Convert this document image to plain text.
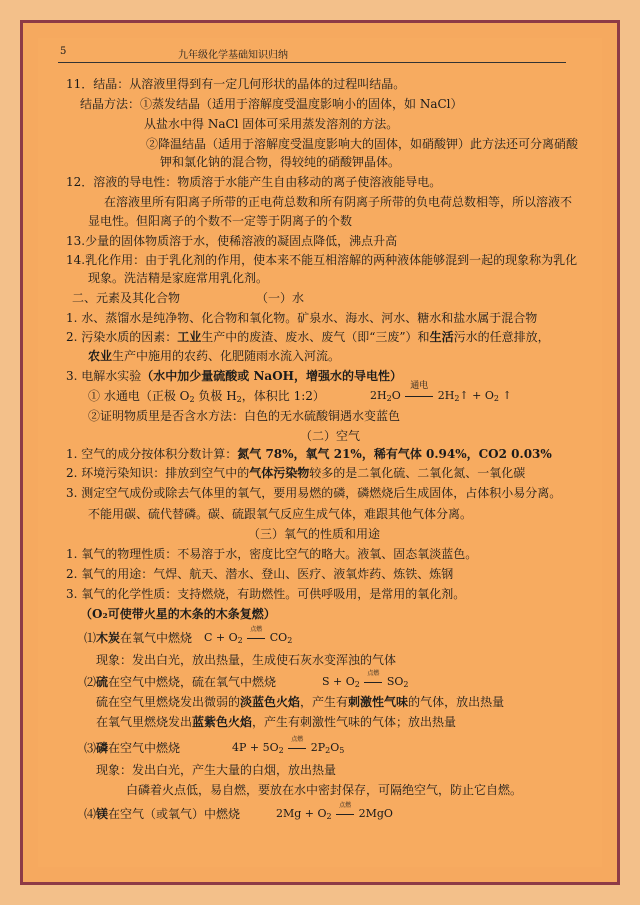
5	九年级化学基础知识归纳
11．结晶：从溶液里得到有一定几何形状的晶体的过程叫结晶。
结晶方法：①蒸发结晶（适用于溶解度受温度影响小的固体，如 NaCl）
从盐水中得 NaCl 固体可采用蒸发溶剂的方法。
②降温结晶（适用于溶解度受温度影响大的固体，如硝酸钾）此方法还可分离硝酸
钾和氯化钠的混合物，得较纯的硝酸钾晶体。
12．溶液的导电性：物质溶于水能产生自由移动的离子使溶液能导电。
在溶液里所有阳离子所带的正电荷总数和所有阴离子所带的负电荷总数相等，所以溶液不
显电性。但阳离子的个数不一定等于阴离子的个数
13.少量的固体物质溶于水，使稀溶液的凝固点降低，沸点升高
14.乳化作用：由于乳化剂的作用，使本来不能互相溶解的两种液体能够混到一起的现象称为乳化
现象。洗洁精是家庭常用乳化剂。
二、元素及其化合物	（一）水
1. 水、蒸馏水是纯净物、化合物和氧化物。矿泉水、海水、河水、糖水和盐水属于混合物
2. 污染水质的因素：工业生产中的废渣、废水、废气（即“三废”）和生活污水的任意排放，
农业生产中施用的农药、化肥随雨水流入河流。
3. 电解水实验（水中加少量硫酸或 NaOH，增强水的导电性）
① 水通电（正极 $O_2$ 负极 $H_2$，体积比 1:2）	$2H_2O$
通电
$2H_2↑ + O_2$ ↑
②证明物质里是否含水方法：白色的无水硫酸铜遇水变蓝色
（二）空气
1. 空气的成分按体积分数计算：氮气 78%，氧气 21%，稀有气体 0.94%，CO2 0.03%
2. 环境污染知识：排放到空气中的气体污染物较多的是二氧化硫、二氧化氮、一氧化碳
3. 测定空气成份或除去气体里的氧气，要用易燃的磷，磷燃烧后生成固体，占体积小易分离。
不能用碳、硫代替磷。碳、硫跟氧气反应生成气体，难跟其他气体分离。
（三）氧气的性质和用途
1. 氧气的物理性质：不易溶于水，密度比空气的略大。液氧、固态氧淡蓝色。
2. 氧气的用途：气焊、航天、潜水、登山、医疗、液氧炸药、炼铁、炼钢
3. 氧气的化学性质：支持燃烧，有助燃性。可供呼吸用，是常用的氧化剂。
（O₂可使带火星的木条的木条复燃）
⑴木炭在氧气中燃烧 $C + O_2$
点燃
$CO_2$
现象：发出白光，放出热量，生成使石灰水变浑浊的气体
⑵硫在空气中燃烧，硫在氧气中燃烧	$S + O_2$
点燃
$SO_2$
硫在空气里燃烧发出微弱的淡蓝色火焰，产生有刺激性气味的气体，放出热量
在氧气里燃烧发出蓝紫色火焰，产生有刺激性气味的气体；放出热量
⑶磷在空气中燃烧	$4P + 5O_2$
点燃
$2P_2O_5$
现象：发出白光，产生大量的白烟，放出热量
白磷着火点低，易自燃，要放在水中密封保存，可隔绝空气，防止它自燃。
⑷镁在空气（或氧气）中燃烧	$2Mg + O_2$
点燃
2MgO
